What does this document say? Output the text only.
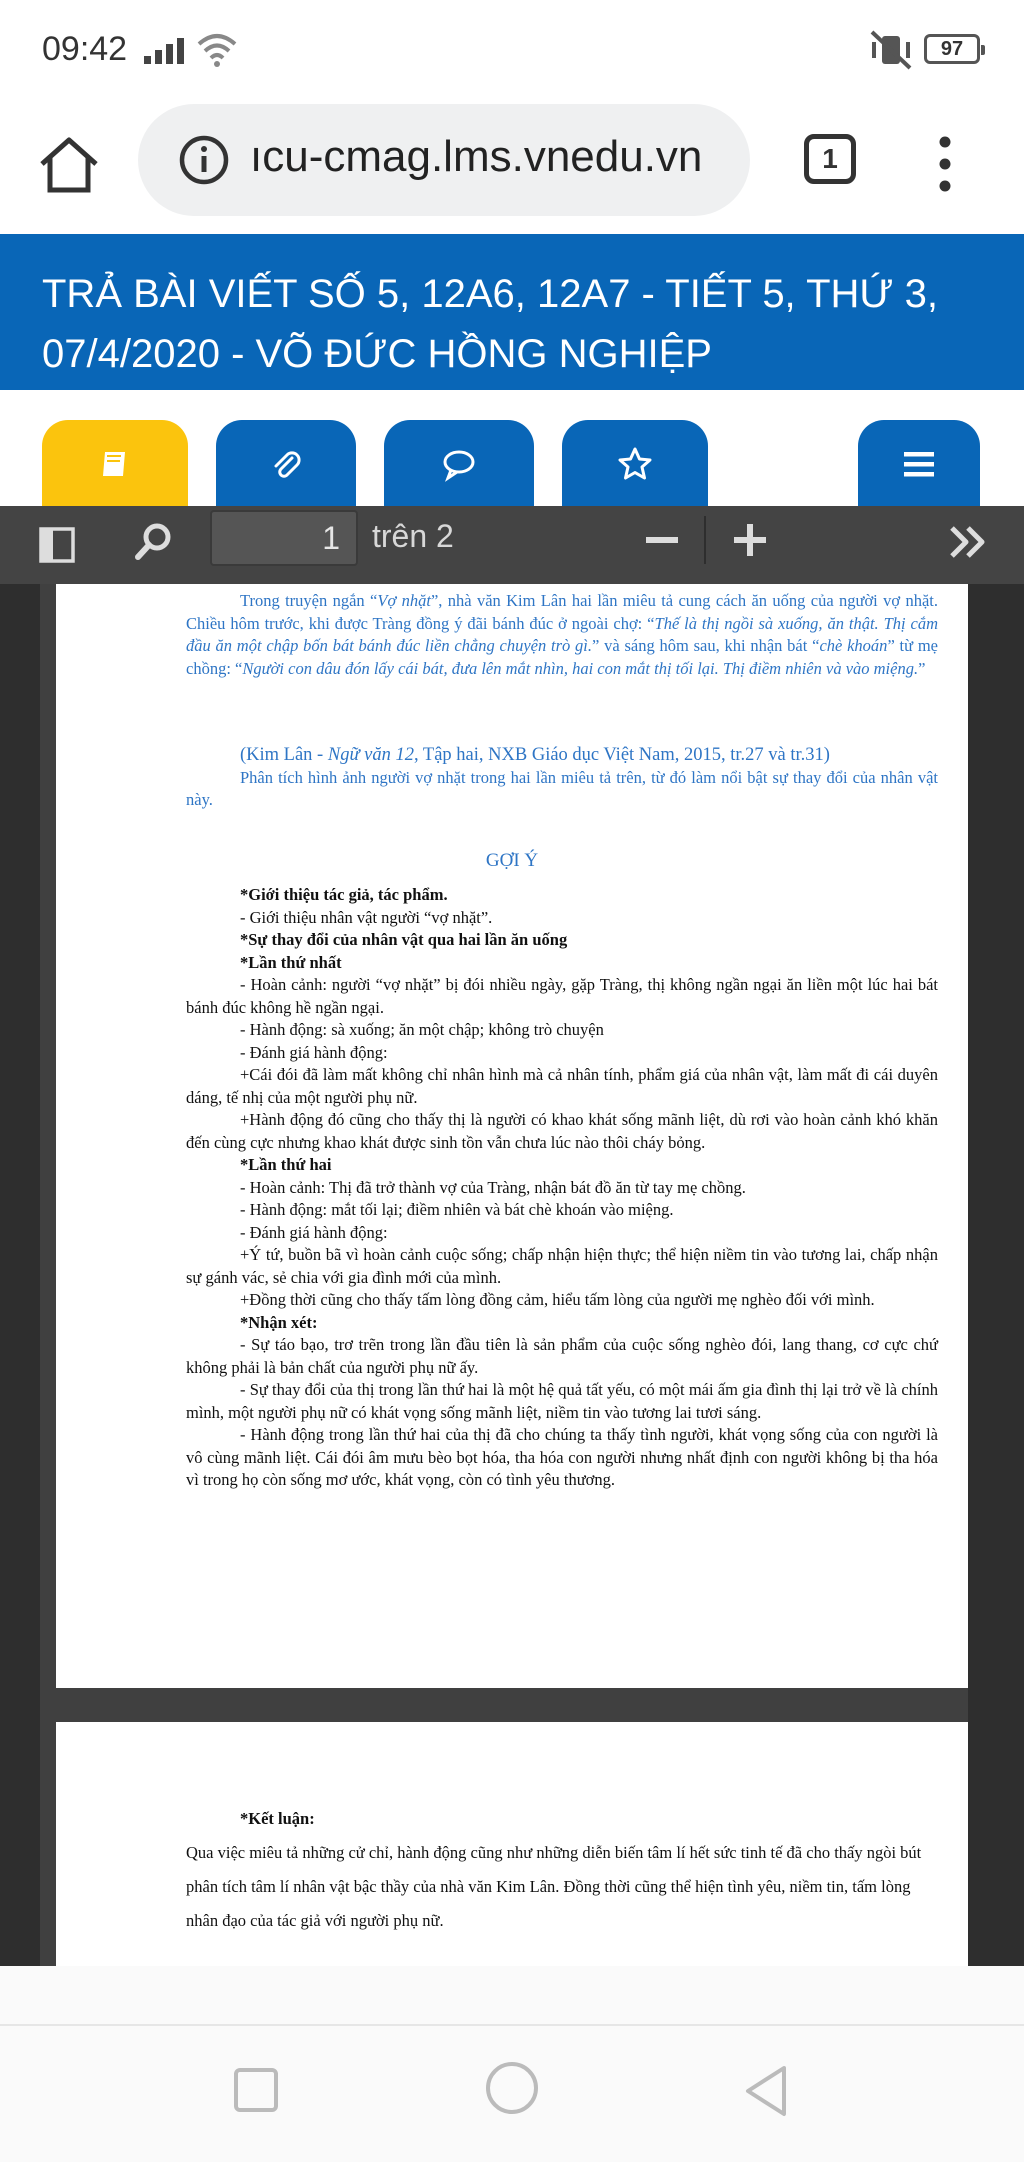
09:42	97
ıcu-cmag.lms.vnedu.vn	1
TRẢ BÀI VIẾT SỐ 5, 12A6, 12A7 - TIẾT 5, THỨ 3, 07/4/2020 - VÕ ĐỨC HỒNG NGHIỆP
1	trên 2

Trong truyện ngắn “Vợ nhặt”, nhà văn Kim Lân hai lần miêu tả cung cách ăn uống của người vợ nhặt. Chiều hôm trước, khi được Tràng đồng ý đãi bánh đúc ở ngoài chợ: “Thế là thị ngồi sà xuống, ăn thật. Thị cắm đầu ăn một chập bốn bát bánh đúc liền chẳng chuyện trò gì.” và sáng hôm sau, khi nhận bát “chè khoán” từ mẹ chồng: “Người con dâu đón lấy cái bát, đưa lên mắt nhìn, hai con mắt thị tối lại. Thị điềm nhiên và vào miệng.”

(Kim Lân - Ngữ văn 12, Tập hai, NXB Giáo dục Việt Nam, 2015, tr.27 và tr.31)

Phân tích hình ảnh người vợ nhặt trong hai lần miêu tả trên, từ đó làm nổi bật sự thay đổi của nhân vật này.

GỢI Ý
*Giới thiệu tác giả, tác phẩm.
- Giới thiệu nhân vật người “vợ nhặt”.
*Sự thay đổi của nhân vật qua hai lần ăn uống
*Lần thứ nhất
- Hoàn cảnh: người “vợ nhặt” bị đói nhiều ngày, gặp Tràng, thị không ngần ngại ăn liền một lúc hai bát bánh đúc không hề ngần ngại.
- Hành động: sà xuống; ăn một chập; không trò chuyện
- Đánh giá hành động:
+Cái đói đã làm mất không chỉ nhân hình mà cả nhân tính, phẩm giá của nhân vật, làm mất đi cái duyên dáng, tế nhị của một người phụ nữ.
+Hành động đó cũng cho thấy thị là người có khao khát sống mãnh liệt, dù rơi vào hoàn cảnh khó khăn đến cùng cực nhưng khao khát được sinh tồn vẫn chưa lúc nào thôi cháy bỏng.
*Lần thứ hai
- Hoàn cảnh: Thị đã trở thành vợ của Tràng, nhận bát đồ ăn từ tay mẹ chồng.
- Hành động: mắt tối lại; điềm nhiên và bát chè khoán vào miệng.
- Đánh giá hành động:
+Ý tứ, buồn bã vì hoàn cảnh cuộc sống; chấp nhận hiện thực; thể hiện niềm tin vào tương lai, chấp nhận sự gánh vác, sẻ chia với gia đình mới của mình.
+Đồng thời cũng cho thấy tấm lòng đồng cảm, hiểu tấm lòng của người mẹ nghèo đối với mình.
*Nhận xét:
- Sự táo bạo, trơ trẽn trong lần đầu tiên là sản phẩm của cuộc sống nghèo đói, lang thang, cơ cực chứ không phải là bản chất của người phụ nữ ấy.
- Sự thay đổi của thị trong lần thứ hai là một hệ quả tất yếu, có một mái ấm gia đình thị lại trở về là chính mình, một người phụ nữ có khát vọng sống mãnh liệt, niềm tin vào tương lai tươi sáng.
- Hành động trong lần thứ hai của thị đã cho chúng ta thấy tình người, khát vọng sống của con người là vô cùng mãnh liệt. Cái đói âm mưu bèo bọt hóa, tha hóa con người nhưng nhất định con người không bị tha hóa vì trong họ còn sống mơ ước, khát vọng, còn có tình yêu thương.
*Kết luận:
Qua việc miêu tả những cử chỉ, hành động cũng như những diễn biến tâm lí hết sức tinh tế đã cho thấy ngòi bút phân tích tâm lí nhân vật bậc thầy của nhà văn Kim Lân. Đồng thời cũng thể hiện tình yêu, niềm tin, tấm lòng nhân đạo của tác giả với người phụ nữ.
